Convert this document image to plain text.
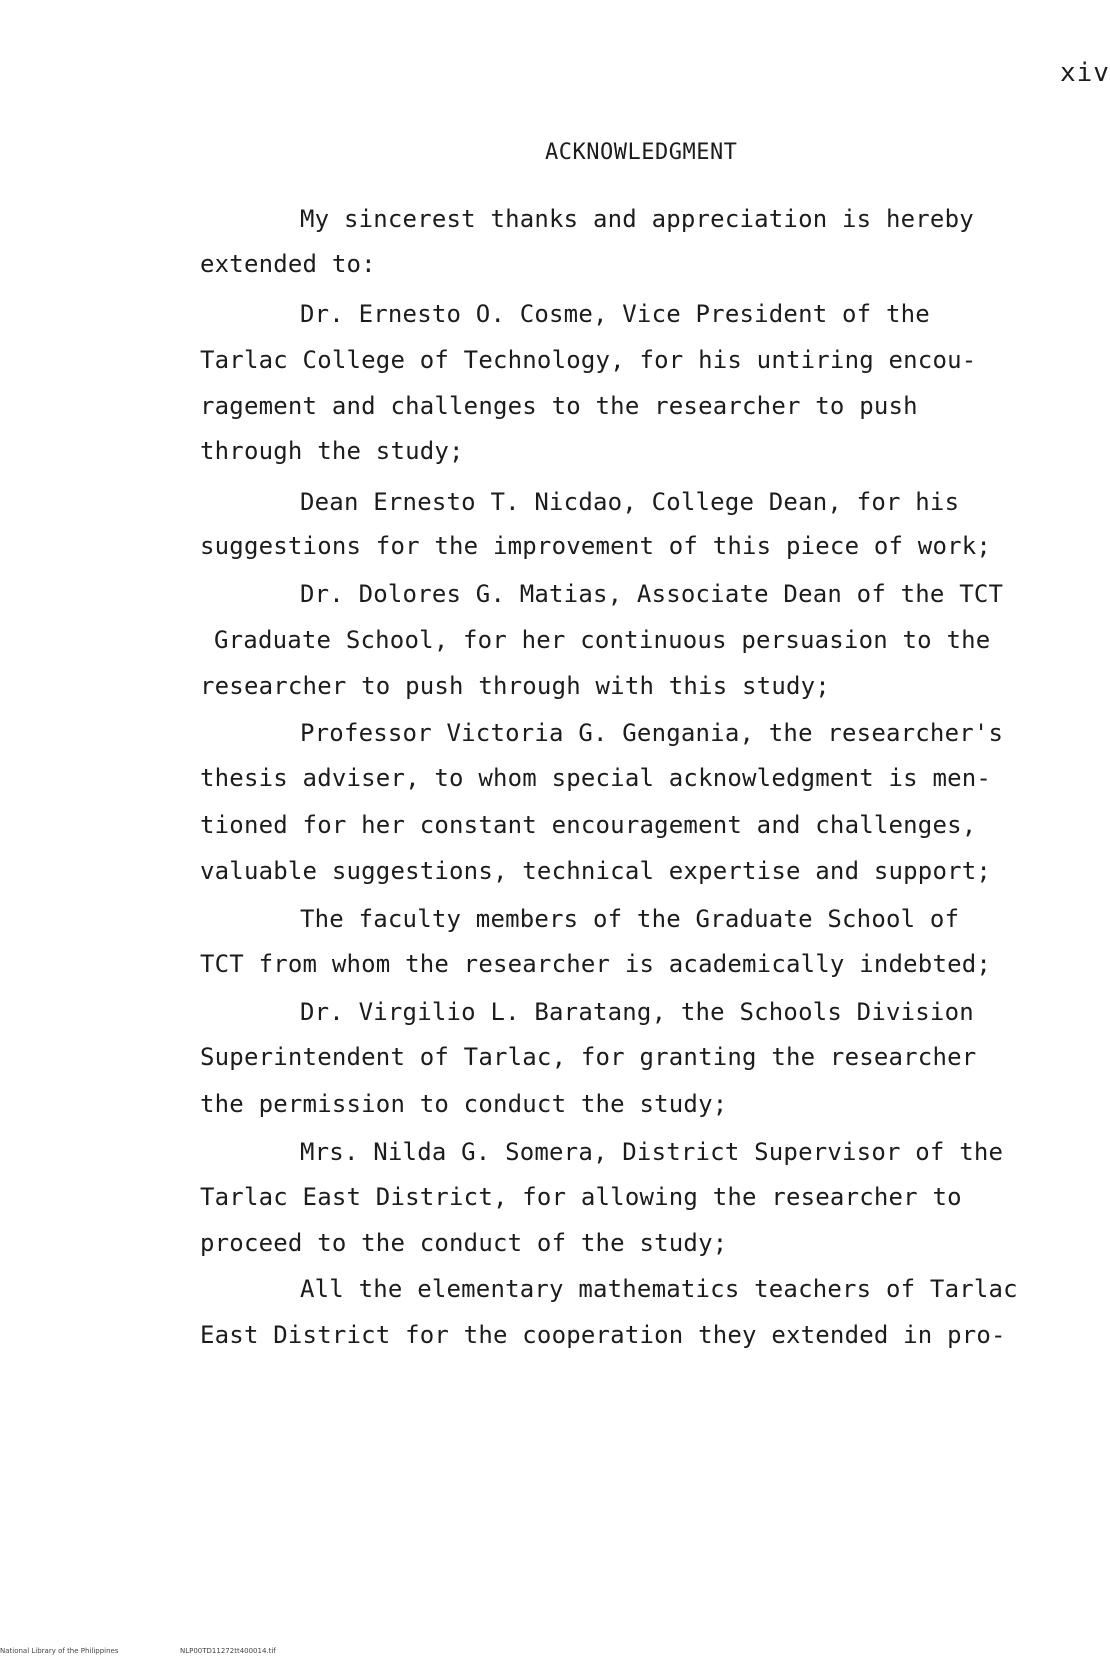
xiv
ACKNOWLEDGMENT
My sincerest thanks and appreciation is hereby
extended to:
Dr. Ernesto O. Cosme, Vice President of the
Tarlac College of Technology, for his untiring encou-
ragement and challenges to the researcher to push
through the study;
Dean Ernesto T. Nicdao, College Dean, for his
suggestions for the improvement of this piece of work;
Dr. Dolores G. Matias, Associate Dean of the TCT
Graduate School, for her continuous persuasion to the
researcher to push through with this study;
Professor Victoria G. Gengania, the researcher's
thesis adviser, to whom special acknowledgment is men-
tioned for her constant encouragement and challenges,
valuable suggestions, technical expertise and support;
The faculty members of the Graduate School of
TCT from whom the researcher is academically indebted;
Dr. Virgilio L. Baratang, the Schools Division
Superintendent of Tarlac, for granting the researcher
the permission to conduct the study;
Mrs. Nilda G. Somera, District Supervisor of the
Tarlac East District, for allowing the researcher to
proceed to the conduct of the study;
All the elementary mathematics teachers of Tarlac
East District for the cooperation they extended in pro-
National Library of the Philippines	NLP00TD11272tt400014.tif
